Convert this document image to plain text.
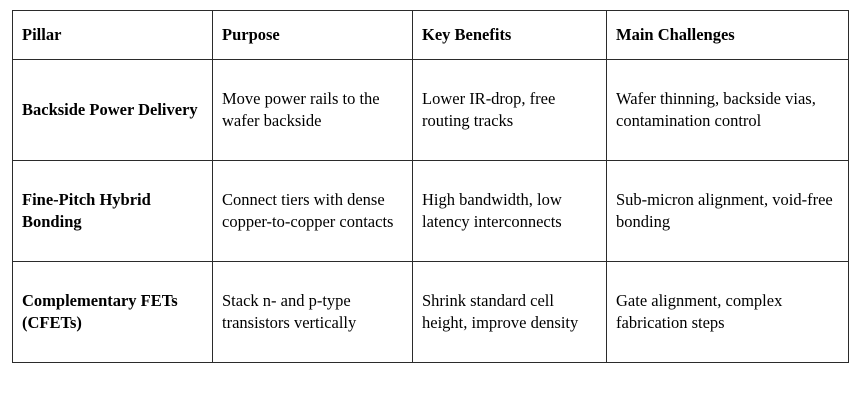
Pillar	Purpose	Key Benefits	Main Challenges
Backside Power Delivery	Move power rails to the wafer backside	Lower IR-drop, free routing tracks	Wafer thinning, backside vias, contamination control
Fine-Pitch Hybrid Bonding	Connect tiers with dense copper-to-copper contacts	High bandwidth, low latency interconnects	Sub-micron alignment, void-free bonding
Complementary FETs (CFETs)	Stack n- and p-type transistors vertically	Shrink standard cell height, improve density	Gate alignment, complex fabrication steps
